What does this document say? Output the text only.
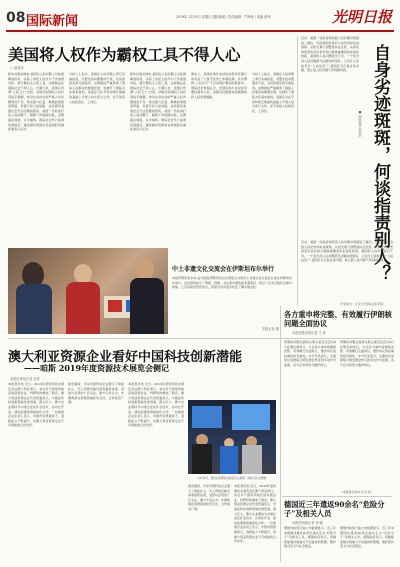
08 国际新闻	2019年 12月8日 星期日 国际新闻 / 责任编辑：严海涛 / 美编 彭炜	光明日报
美国将人权作为霸权工具不得人心
□ 俞邃邦
新华社维也纳电 美国在人权问题上对他国横加指责，实际上是把人权作为干涉他国内政、推行霸权主义的工具，这种做法在国际社会不得人心。长期以来，美国以所谓“人权卫士”自居，动辄对别国的人权状况指手画脚，却对自身存在的严重人权问题视而不见。枪支暴力泛滥、种族歧视根深蒂固、贫富分化日益加剧，这些都是美国社会无法回避的顽疾。美国一些政客打着人权的幌子，粗暴干涉他国内政，企图搞乱别国，从中渔利。国际社会早已看清其真面目，越来越多的国家对美国的双重标准表示反对。
分析人士指出，美国在人权问题上奉行双重标准，对盟友的问题避而不谈，对其他国家则无端指责。这种做法严重损害了国际人权事业的健康发展，也破坏了国际关系基本准则。各国应当在平等和相互尊重的基础上开展人权交流与合作，而不是将人权政治化、工具化。
新华社维也纳电 美国在人权问题上对他国横加指责，实际上是把人权作为干涉他国内政、推行霸权主义的工具，这种做法在国际社会不得人心。长期以来，美国以所谓“人权卫士”自居，动辄对别国的人权状况指手画脚，却对自身存在的严重人权问题视而不见。枪支暴力泛滥、种族歧视根深蒂固、贫富分化日益加剧，这些都是美国社会无法回避的顽疾。美国一些政客打着人权的幌子，粗暴干涉他国内政，企图搞乱别国，从中渔利。国际社会早已看清其真面目，越来越多的国家对美国的双重标准表示反对。
事实上，美国在海外发动的战争和军事行动造成了大量平民伤亡和难民潮，其所谓的“人权外交”不过是维护霸权的遮羞布。国际社会普遍认为，发展权和生存权是首要的基本人权，各国有权根据本国国情选择人权发展道路。
分析人士指出，美国在人权问题上奉行双重标准，对盟友的问题避而不谈，对其他国家则无端指责。这种做法严重损害了国际人权事业的健康发展，也破坏了国际关系基本准则。各国应当在平等和相互尊重的基础上开展人权交流与合作，而不是将人权政治化、工具化。
近来，美国一些政客频频借人权问题对别国说三道四，然而美国自身的人权纪录却劣迹斑斑。从枪支暴力到警察执法过度，从移民拘留营的恶劣条件到少数族裔遭受的系统性歧视，美国的人权问题层出不穷。一个连自身人权问题都无法解决的国家，又有什么资格充当“人权法官”？美国应当正视自身问题，停止借人权问题干涉别国内政。	自身劣迹斑斑，何谈指责别人？
■ 国际观察·刘海洲
中土非遗文化交流会在伊斯坦布尔举行
本报伊斯坦布尔电 由中国驻伊斯坦布尔总领馆主办的中土非遗文化交流会日前在伊斯坦布尔举行。活动现场展示了剪纸、刺绣、书法等中国传统非遗项目，吸引了众多当地民众参与体验。土耳其观众纷纷表示，希望今后有更多机会了解中国文化。
本报记者 摄
近来，美国一些政客频频借人权问题对别国说三道四，然而美国自身的人权纪录却劣迹斑斑。从枪支暴力到警察执法过度，从移民拘留营的恶劣条件到少数族裔遭受的系统性歧视，美国的人权问题层出不穷。一个连自身人权问题都无法解决的国家，又有什么资格充当“人权法官”？美国应当正视自身问题，停止借人权问题干涉别国内政。
（作者单位：北京大学国际关系学院）
澳大利亚资源企业看好中国科技创新潜能
——咱斯 2019年度资源技术展览会侧记
本报驻悉尼记者 赵青
本报悉尼电 近日，2019年度资源技术展览会在澳大利亚举行。来自多个国家和地区的资源企业、科研机构参加了展会。澳大利亚资源企业代表普遍表示，中国在科技创新领域发展迅速，潜力巨大，澳方企业期待与中国企业在矿业技术、自动化开采、绿色能源等领域深化合作。一位参展企业负责人表示，中国市场规模庞大，创新能力不断提升，是澳大利亚资源企业不可或缺的合作伙伴。
展会期间，多家中国科技企业展示了智能矿山、无人驾驶运输设备等最新成果，受到与会者的广泛关注。澳方专家认为，中澳两国在资源领域优势互补，合作前景广阔。
本报悉尼电 近日，2019年度资源技术展览会在澳大利亚举行。来自多个国家和地区的资源企业、科研机构参加了展会。澳大利亚资源企业代表普遍表示，中国在科技创新领域发展迅速，潜力巨大，澳方企业期待与中国企业在矿业技术、自动化开采、绿色能源等领域深化合作。一位参展企业负责人表示，中国市场规模庞大，创新能力不断提升，是澳大利亚资源企业不可或缺的合作伙伴。
12月6日，观众在资源技术展览会上参观。本报记者 赵青摄
展会期间，多家中国科技企业展示了智能矿山、无人驾驶运输设备等最新成果，受到与会者的广泛关注。澳方专家认为，中澳两国在资源领域优势互补，合作前景广阔。
本报悉尼电 近日，2019年度资源技术展览会在澳大利亚举行。来自多个国家和地区的资源企业、科研机构参加了展会。澳大利亚资源企业代表普遍表示，中国在科技创新领域发展迅速，潜力巨大，澳方企业期待与中国企业在矿业技术、自动化开采、绿色能源等领域深化合作。一位参展企业负责人表示，中国市场规模庞大，创新能力不断提升，是澳大利亚资源企业不可或缺的合作伙伴。
各方重申将完整、有效履行伊朗核问题全面协议
本报驻维也纳记者 王 欣
伊朗核问题全面协议联合委员会会议6日在维也纳举行。与会各方重申将继续完整、有效履行全面协议，维护协议的权威性和有效性。中方代表表示，全面协议是经联合国安理会核可的多边外交成果，各方应共同努力维护协议。
伊朗核问题全面协议联合委员会会议6日在维也纳举行。与会各方重申将继续完整、有效履行全面协议，维护协议的权威性和有效性。中方代表表示，全面协议是经联合国安理会核可的多边外交成果，各方应共同努力维护协议。
（本报维也纳12月7日电）
德国近三年遣返90余名“危险分子”及相关人员
本报驻柏林记者 李 鹏
德国内政部日前公布数据显示，近三年来德国共遣返90余名被认定为“危险分子”及相关人员。德国政府表示，将继续加强对极端分子的监控和管理，维护国内安全与社会稳定。
德国内政部日前公布数据显示，近三年来德国共遣返90余名被认定为“危险分子”及相关人员。德国政府表示，将继续加强对极端分子的监控和管理，维护国内安全与社会稳定。
